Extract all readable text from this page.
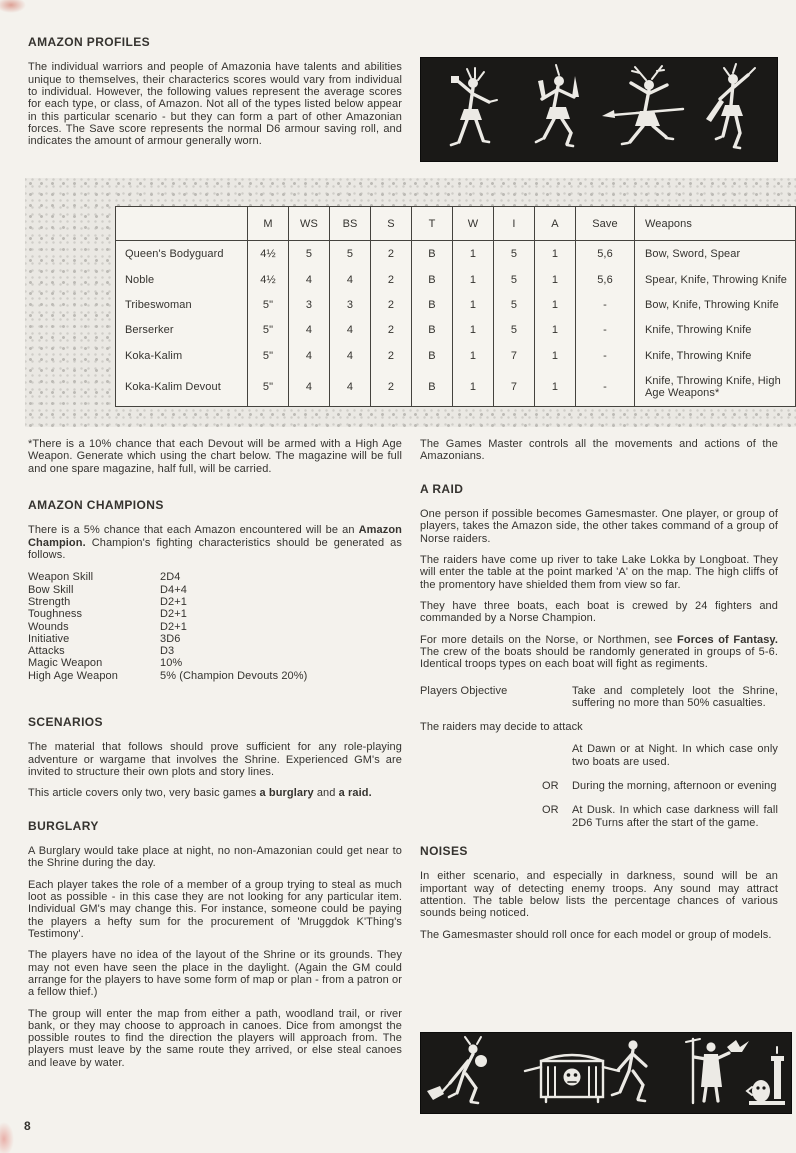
AMAZON PROFILES

The individual warriors and people of Amazonia have talents and abilities unique to themselves, their characterics scores would vary from individual to individual. However, the following values represent the average scores for each type, or class, of Amazon. Not all of the types listed below appear in this particular scenario - but they can form a part of other Amazonian forces. The Save score represents the normal D6 armour saving roll, and indicates the amount of armour generally worn.

	M	WS	BS	S	T	W	I	A	Save	Weapons
Queen's Bodyguard	4½	5	5	2	B	1	5	1	5,6	Bow, Sword, Spear
Noble	4½	4	4	2	B	1	5	1	5,6	Spear, Knife, Throwing Knife
Tribeswoman	5"	3	3	2	B	1	5	1	-	Bow, Knife, Throwing Knife
Berserker	5"	4	4	2	B	1	5	1	-	Knife, Throwing Knife
Koka-Kalim	5"	4	4	2	B	1	7	1	-	Knife, Throwing Knife
Koka-Kalim Devout	5"	4	4	2	B	1	7	1	-	Knife, Throwing Knife, High Age Weapons*

*There is a 10% chance that each Devout will be armed with a High Age Weapon. Generate which using the chart below. The magazine will be full and one spare magazine, half full, will be carried.

AMAZON CHAMPIONS

There is a 5% chance that each Amazon encountered will be an Amazon Champion. Champion's fighting characteristics should be generated as follows.

Weapon Skill	2D4
Bow Skill	D4+4
Strength	D2+1
Toughness	D2+1
Wounds	D2+1
Initiative	3D6
Attacks	D3
Magic Weapon	10%
High Age Weapon	5% (Champion Devouts 20%)
SCENARIOS

The material that follows should prove sufficient for any role-playing adventure or wargame that involves the Shrine. Experienced GM's are invited to structure their own plots and story lines.

This article covers only two, very basic games a burglary and a raid.

BURGLARY

A Burglary would take place at night, no non-Amazonian could get near to the Shrine during the day.

Each player takes the role of a member of a group trying to steal as much loot as possible - in this case they are not looking for any particular item. Individual GM's may change this. For instance, someone could be paying the players a hefty sum for the procurement of 'Mruggdok K'Thing's Testimony'.

The players have no idea of the layout of the Shrine or its grounds. They may not even have seen the place in the daylight. (Again the GM could arrange for the players to have some form of map or plan - from a patron or a fellow thief.)

The group will enter the map from either a path, woodland trail, or river bank, or they may choose to approach in canoes. Dice from amongst the possible routes to find the direction the players will approach from. The players must leave by the same route they arrived, or else steal canoes and leave by water.

The Games Master controls all the movements and actions of the Amazonians.

A RAID

One person if possible becomes Gamesmaster. One player, or group of players, takes the Amazon side, the other takes command of a group of Norse raiders.

The raiders have come up river to take Lake Lokka by Longboat. They will enter the table at the point marked 'A' on the map. The high cliffs of the promentory have shielded them from view so far.

They have three boats, each boat is crewed by 24 fighters and commanded by a Norse Champion.

For more details on the Norse, or Northmen, see Forces of Fantasy. The crew of the boats should be randomly generated in groups of 5-6. Identical troops types on each boat will fight as regiments.

Players Objective	Take and completely loot the Shrine, suffering no more than 50% casualties.

The raiders may decide to attack

At Dawn or at Night. In which case only two boats are used.
OR	During the morning, afternoon or evening
OR	At Dusk. In which case darkness will fall 2D6 Turns after the start of the game.
NOISES

In either scenario, and especially in darkness, sound will be an important way of detecting enemy troops. Any sound may attract attention. The table below lists the percentage chances of various sounds being noticed.

The Gamesmaster should roll once for each model or group of models.

8
